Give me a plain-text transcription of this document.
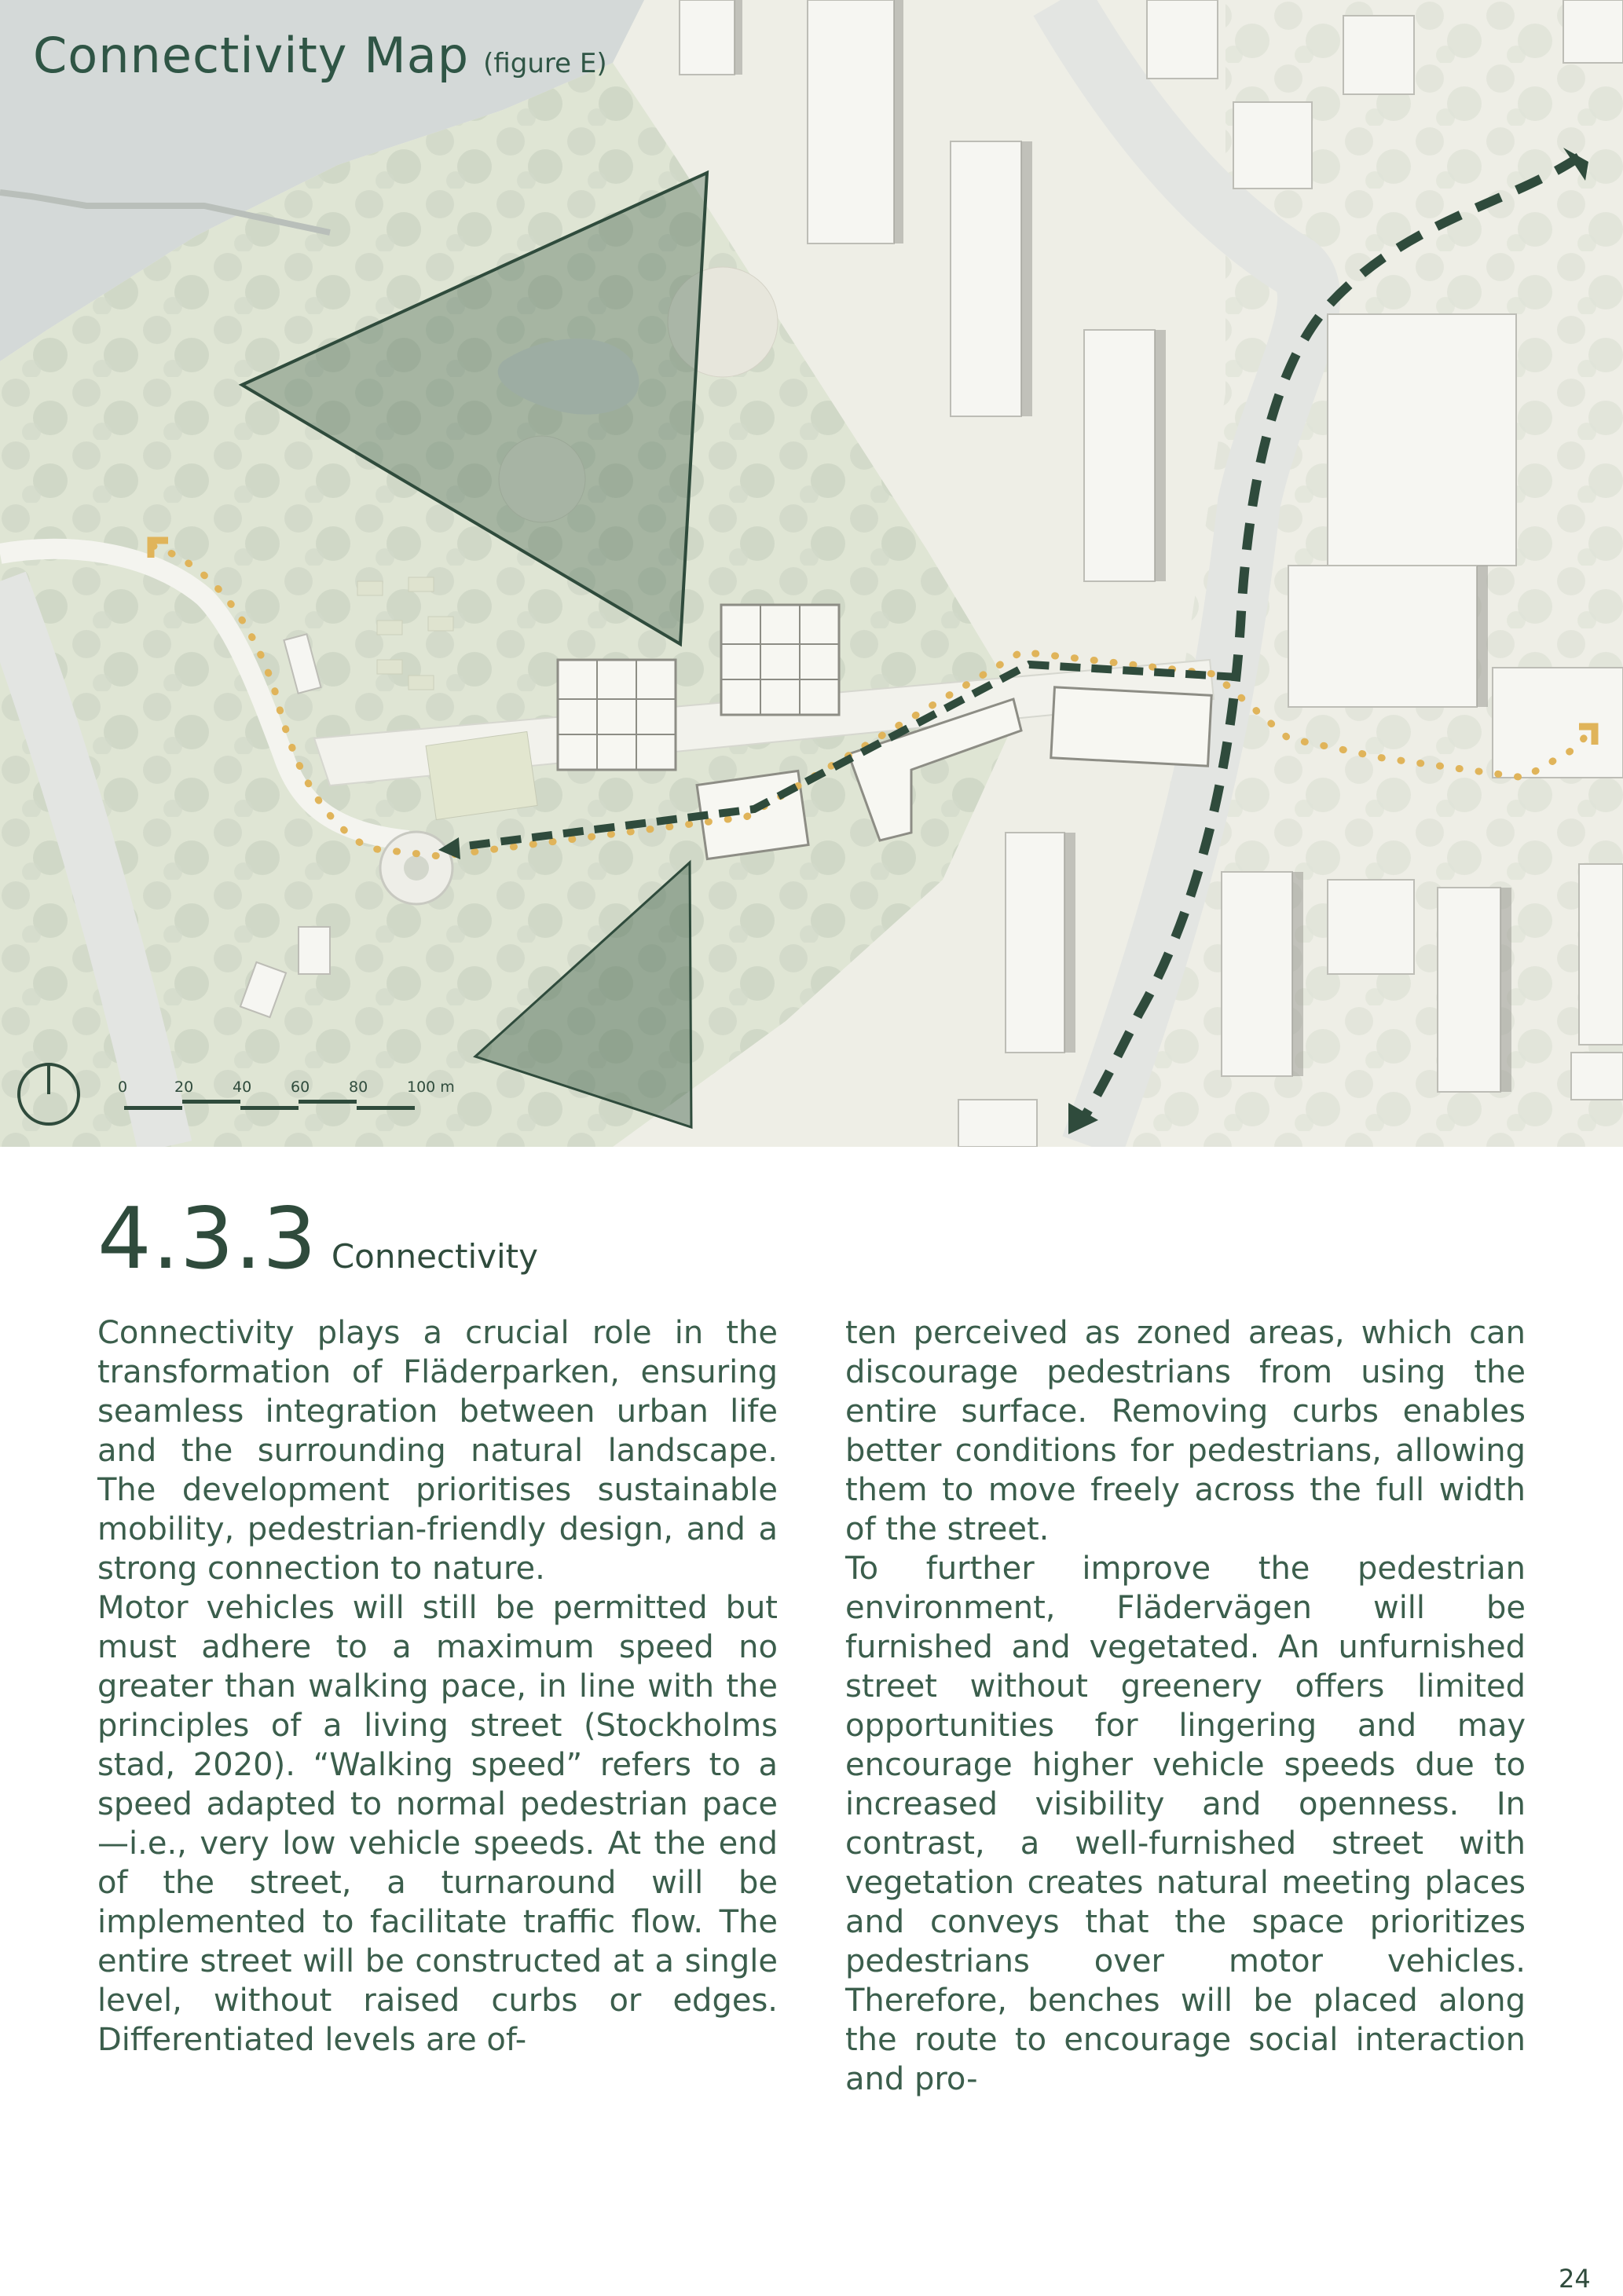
0	20	40	60	80	100 m
Connectivity Map (figure E)
4.3.3 Connectivity

Connectivity plays a crucial role in the transformation of Fläderparken, ensuring seamless integration between urban life and the surrounding natural landscape. The development prioritises sustainable mobility, pedestrian-friendly design, and a strong connection to nature.

Motor vehicles will still be permitted but must adhere to a maximum speed no greater than walking pace, in line with the principles of a living street (Stockholms stad, 2020). “Walking speed” refers to a speed adapted to normal pedestrian pace—i.e., very low vehicle speeds. At the end of the street, a turnaround will be implemented to facilitate traffic flow. The entire street will be constructed at a single level, without raised curbs or edges. Differentiated levels are of-

ten perceived as zoned areas, which can discourage pedestrians from using the entire surface. Removing curbs enables better conditions for pedestrians, allowing them to move freely across the full width of the street.

To further improve the pedestrian environment, Flädervägen will be furnished and vegetated. An unfurnished street without greenery offers limited opportunities for lingering and may encourage higher vehicle speeds due to increased visibility and openness. In contrast, a well-furnished street with vegetation creates natural meeting places and conveys that the space prioritizes pedestrians over motor vehicles. Therefore, benches will be placed along the route to encourage social interaction and pro-

24
